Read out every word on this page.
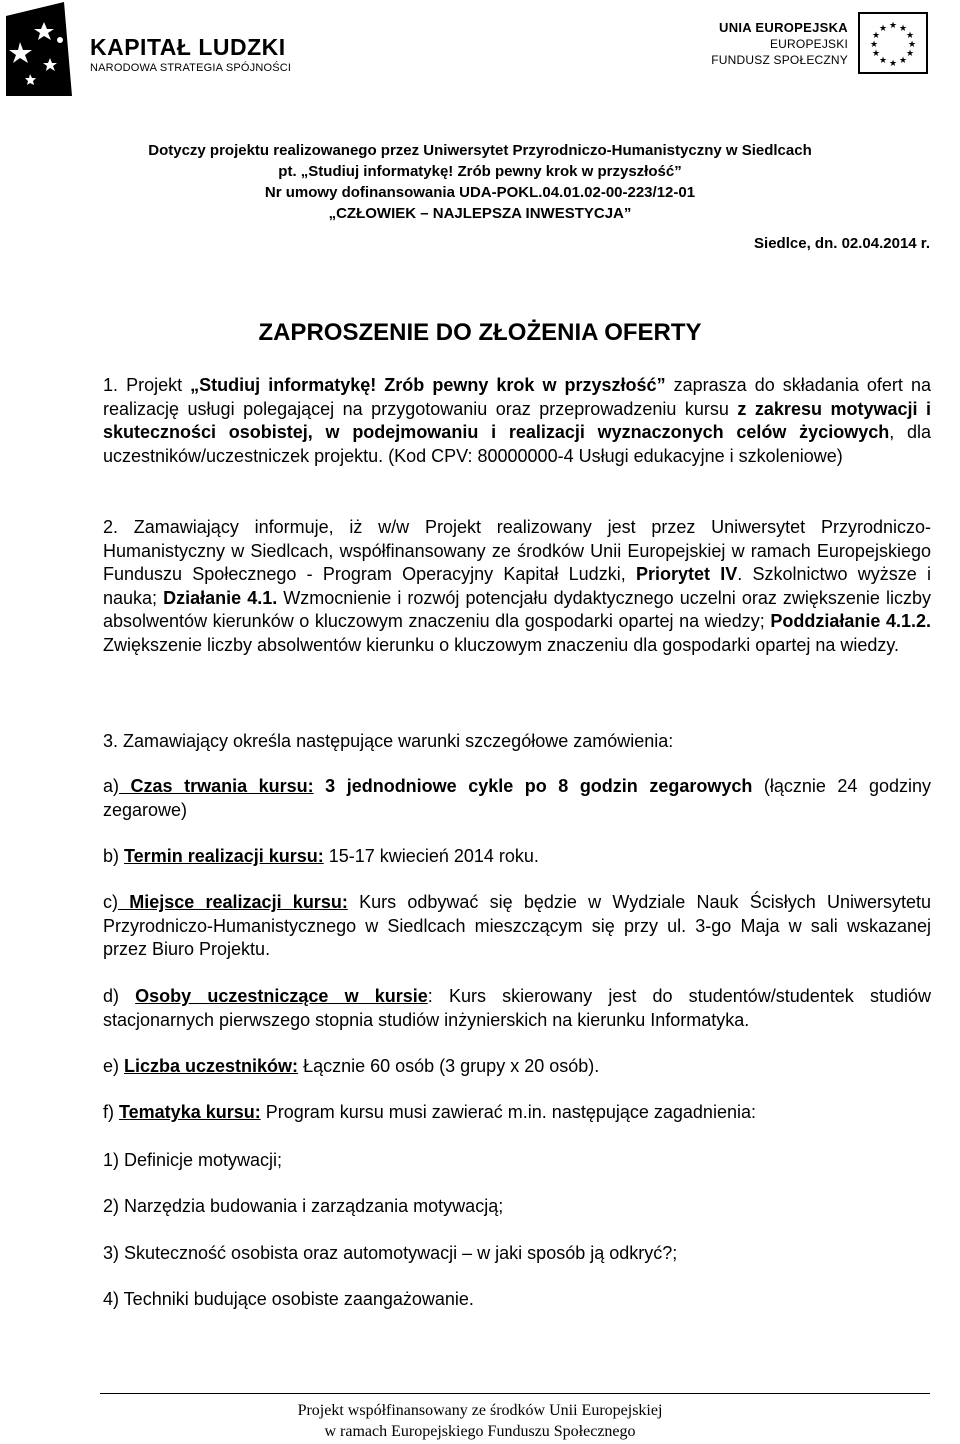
KAPITAŁ LUDZKI
NARODOWA STRATEGIA SPÓJNOŚCI
UNIA EUROPEJSKA
EUROPEJSKI
FUNDUSZ SPOŁECZNY
★ ★
★
★
★
★
★
★
★
★
★
★
Dotyczy projektu realizowanego przez Uniwersytet Przyrodniczo-Humanistyczny w Siedlcach
pt. „Studiuj informatykę! Zrób pewny krok w przyszłość”
Nr umowy dofinansowania UDA-POKL.04.01.02-00-223/12-01
„CZŁOWIEK – NAJLEPSZA INWESTYCJA”
Siedlce, dn. 02.04.2014 r.
ZAPROSZENIE DO ZŁOŻENIA OFERTY
1. Projekt „Studiuj informatykę! Zrób pewny krok w przyszłość” zaprasza do składania ofert na realizację usługi polegającej na przygotowaniu oraz przeprowadzeniu kursu z zakresu motywacji i skuteczności osobistej, w podejmowaniu i realizacji wyznaczonych celów życiowych, dla uczestników/uczestniczek projektu. (Kod CPV: 80000000-4 Usługi edukacyjne i szkoleniowe)
2. Zamawiający informuje, iż w/w Projekt realizowany jest przez Uniwersytet Przyrodniczo-Humanistyczny w Siedlcach, współfinansowany ze środków Unii Europejskiej w ramach Europejskiego Funduszu Społecznego - Program Operacyjny Kapitał Ludzki, Priorytet IV. Szkolnictwo wyższe i nauka; Działanie 4.1. Wzmocnienie i rozwój potencjału dydaktycznego uczelni oraz zwiększenie liczby absolwentów kierunków o kluczowym znaczeniu dla gospodarki opartej na wiedzy; Poddziałanie 4.1.2. Zwiększenie liczby absolwentów kierunku o kluczowym znaczeniu dla gospodarki opartej na wiedzy.
3. Zamawiający określa następujące warunki szczegółowe zamówienia:
a) Czas trwania kursu: 3 jednodniowe cykle po 8 godzin zegarowych (łącznie 24 godziny zegarowe)
b) Termin realizacji kursu: 15-17 kwiecień 2014 roku.
c) Miejsce realizacji kursu: Kurs odbywać się będzie w Wydziale Nauk Ścisłych Uniwersytetu Przyrodniczo-Humanistycznego w Siedlcach mieszczącym się przy ul. 3-go Maja w sali wskazanej przez Biuro Projektu.
d) Osoby uczestniczące w kursie: Kurs skierowany jest do studentów/studentek studiów stacjonarnych pierwszego stopnia studiów inżynierskich na kierunku Informatyka.
e) Liczba uczestników: Łącznie 60 osób (3 grupy x 20 osób).
f) Tematyka kursu: Program kursu musi zawierać m.in. następujące zagadnienia:
1) Definicje motywacji;
2) Narzędzia budowania i zarządzania motywacją;
3) Skuteczność osobista oraz automotywacji – w jaki sposób ją odkryć?;
4) Techniki budujące osobiste zaangażowanie.
Projekt współfinansowany ze środków Unii Europejskiej
w ramach Europejskiego Funduszu Społecznego
